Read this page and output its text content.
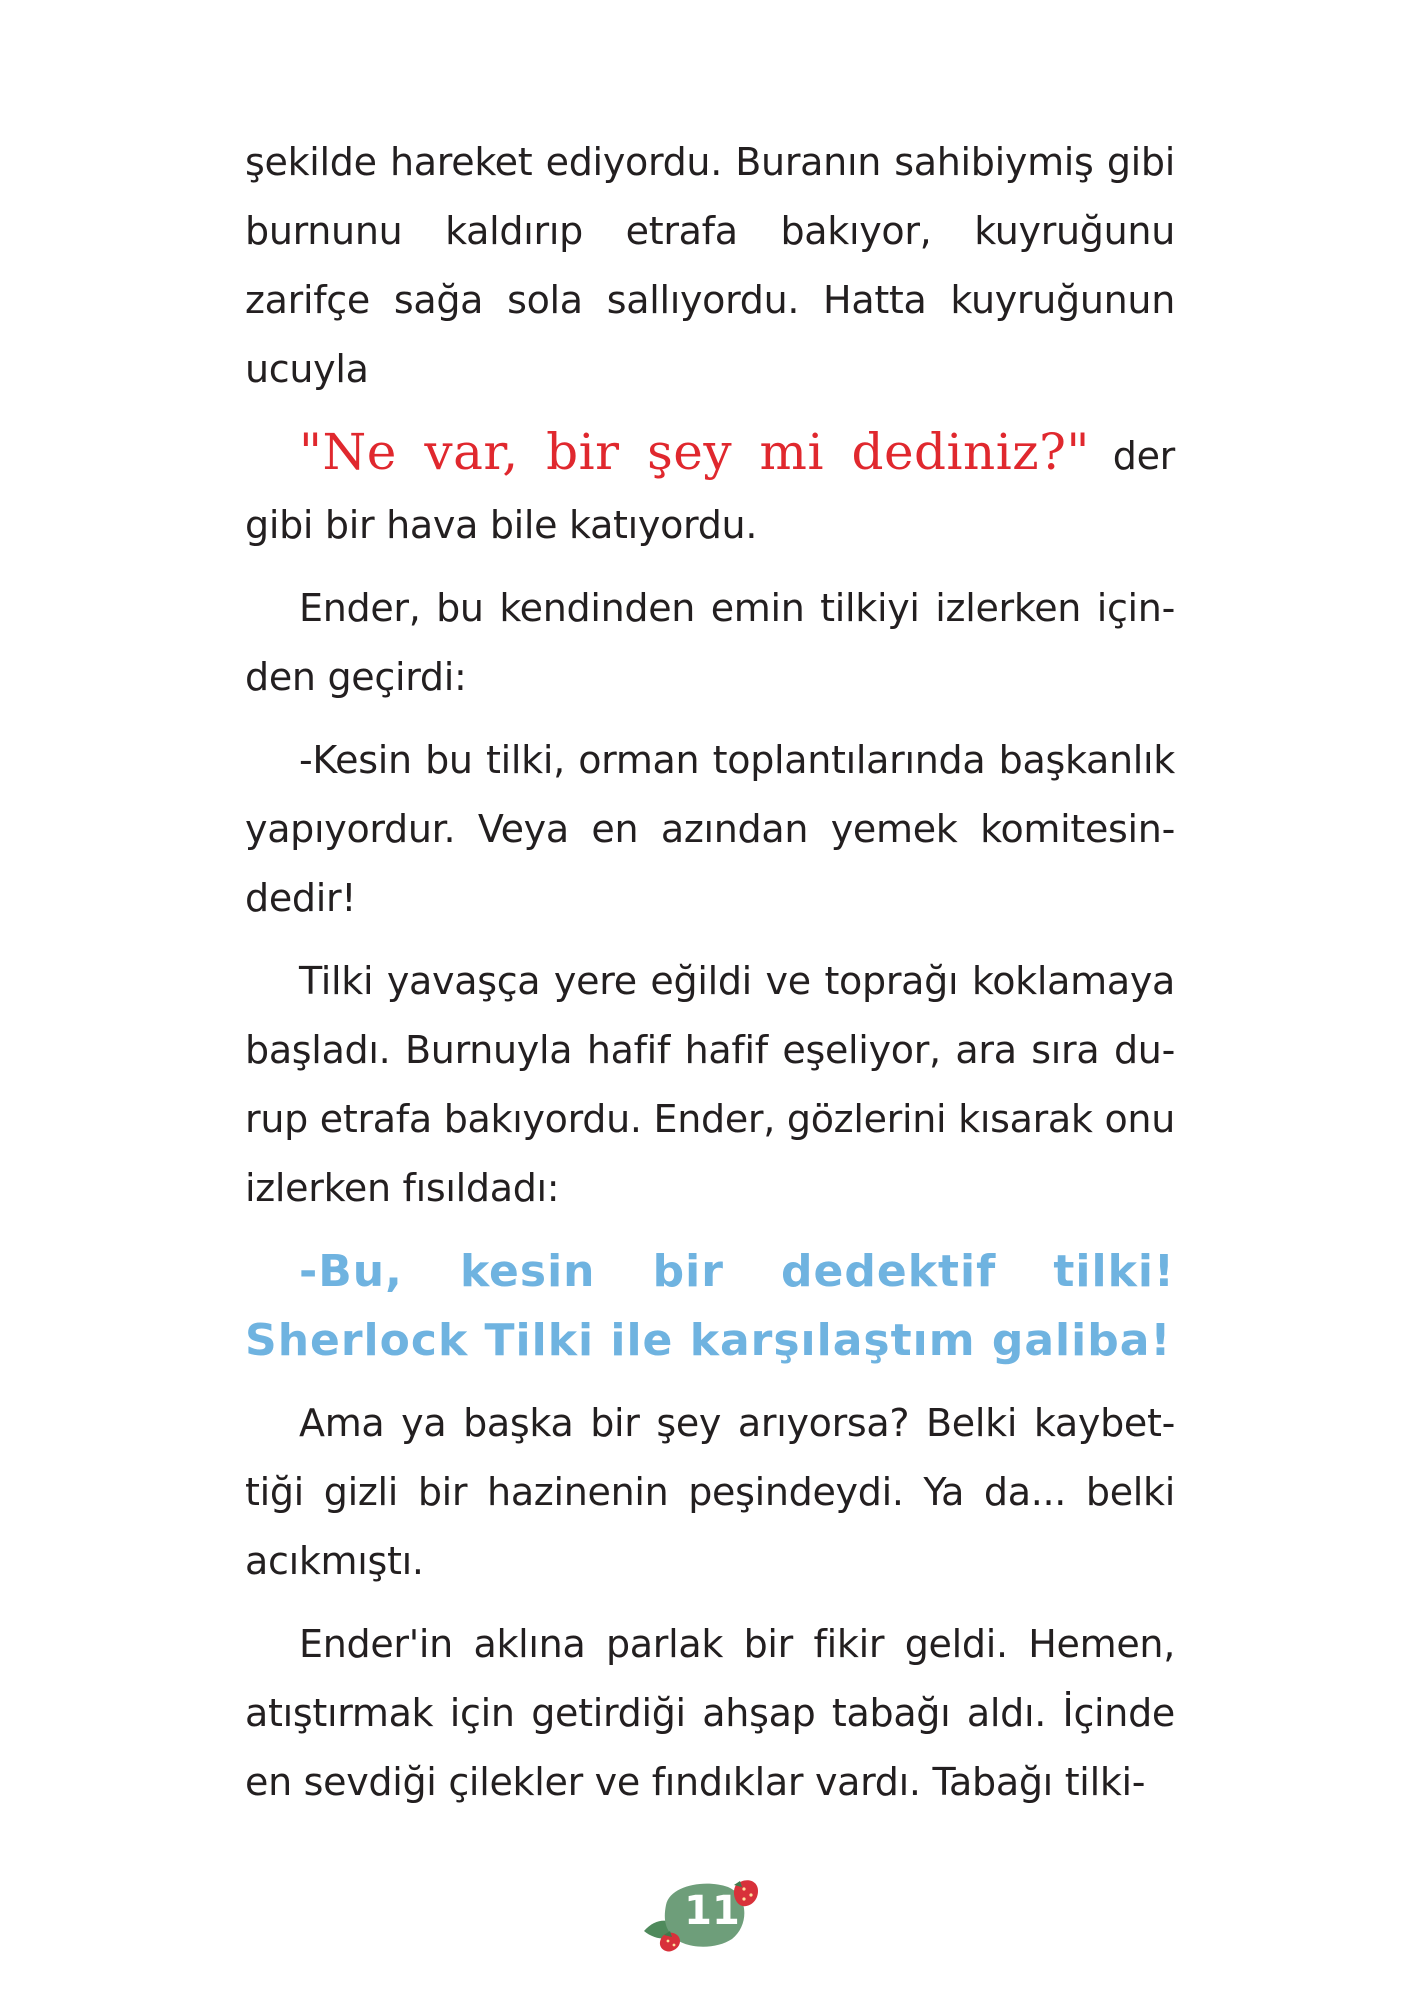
şekilde hareket ediyordu. Buranın sahibiymiş gibi burnunu kaldırıp etrafa bakıyor, kuyruğunu zarifçe sağa sola sallıyordu. Hatta kuyruğunun ucuyla

"Ne var, bir şey mi dediniz?" der gibi bir hava bile katıyordu.

Ender, bu kendinden emin tilkiyi izlerken için-den geçirdi:

-Kesin bu tilki, orman toplantılarında başkanlık yapıyordur. Veya en azından yemek komitesin-dedir!

Tilki yavaşça yere eğildi ve toprağı koklamaya başladı. Burnuyla hafif hafif eşeliyor, ara sıra du-rup etrafa bakıyordu. Ender, gözlerini kısarak onu izlerken fısıldadı:

-Bu, kesin bir dedektif tilki! Sherlock Tilki ile karşılaştım galiba!

Ama ya başka bir şey arıyorsa? Belki kaybet-tiği gizli bir hazinenin peşindeydi. Ya da... belki acıkmıştı.

Ender'in aklına parlak bir fikir geldi. Hemen, atıştırmak için getirdiği ahşap tabağı aldı. İçinde en sevdiği çilekler ve fındıklar vardı. Tabağı tilki-

11
